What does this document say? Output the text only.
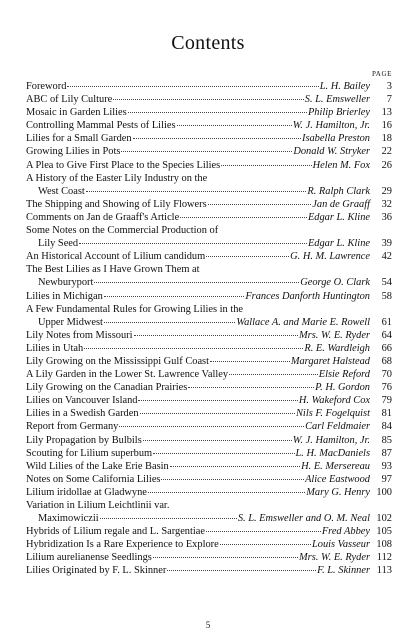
Contents
PAGE
Foreword	L. H. Bailey	3
ABC of Lily Culture	S. L. Emsweller	7
Mosaic in Garden Lilies	Philip Brierley	13
Controlling Mammal Pests of Lilies	W. J. Hamilton, Jr.	16
Lilies for a Small Garden	Isabella Preston	18
Growing Lilies in Pots	Donald W. Stryker	22
A Plea to Give First Place to the Species Lilies	Helen M. Fox	26
A History of the Easter Lily Industry on the
West Coast	R. Ralph Clark	29
The Shipping and Showing of Lily Flowers	Jan de Graaff	32
Comments on Jan de Graaff's Article	Edgar L. Kline	36
Some Notes on the Commercial Production of
Lily Seed	Edgar L. Kline	39
An Historical Account of Lilium candidum	G. H. M. Lawrence	42
The Best Lilies as I Have Grown Them at
Newburyport	George O. Clark	54
Lilies in Michigan	Frances Danforth Huntington	58
A Few Fundamental Rules for Growing Lilies in the
Upper Midwest	Wallace A. and Marie E. Rowell	61
Lily Notes from Missouri	Mrs. W. E. Ryder	64
Lilies in Utah	R. E. Wardleigh	66
Lily Growing on the Mississippi Gulf Coast	Margaret Halstead	68
A Lily Garden in the Lower St. Lawrence Valley	Elsie Reford	70
Lily Growing on the Canadian Prairies	P. H. Gordon	76
Lilies on Vancouver Island	H. Wakeford Cox	79
Lilies in a Swedish Garden	Nils F. Fogelquist	81
Report from Germany	Carl Feldmaier	84
Lily Propagation by Bulbils	W. J. Hamilton, Jr.	85
Scouting for Lilium superbum	L. H. MacDaniels	87
Wild Lilies of the Lake Erie Basin	H. E. Mersereau	93
Notes on Some California Lilies	Alice Eastwood	97
Lilium iridollae at Gladwyne	Mary G. Henry 100
Variation in Lilium Leichtlinii var.
Maximowiczii	S. L. Emsweller and O. M. Neal 102
Hybrids of Lilium regale and L. Sargentiae	Fred Abbey 105
Hybridization Is a Rare Experience to Explore	Louis Vasseur 108
Lilium aurelianense Seedlings	Mrs. W. E. Ryder 112
Lilies Originated by F. L. Skinner	F. L. Skinner 113
5
